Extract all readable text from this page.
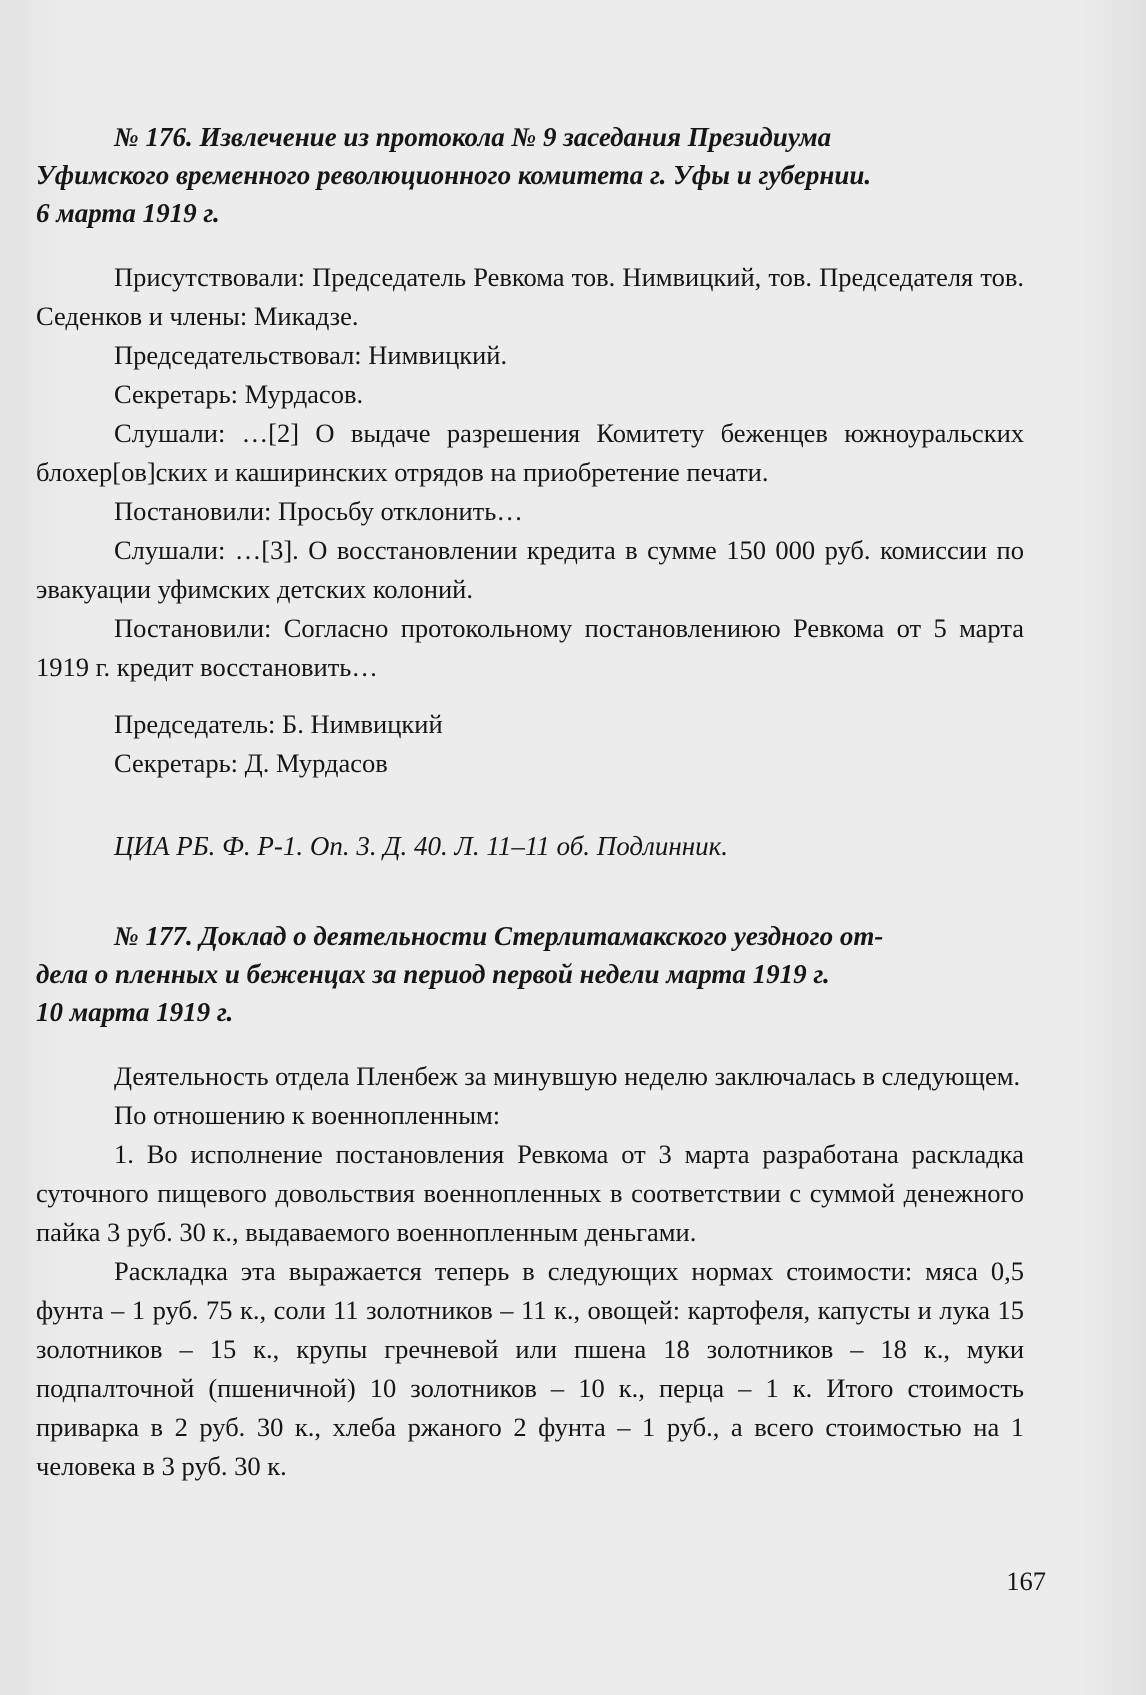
№ 176. Извлечение из протокола № 9 заседания Президиума
Уфимского временного революционного комитета г. Уфы и губернии.
6 марта 1919 г.

Присутствовали: Председатель Ревкома тов. Нимвицкий, тов. Председателя тов. Седенков и члены: Микадзе.

Председательствовал: Нимвицкий.

Секретарь: Мурдасов.

Слушали: …[2] О выдаче разрешения Комитету беженцев южноуральских блохер[ов]ских и каширинских отрядов на приобретение печати.

Постановили: Просьбу отклонить…

Слушали: …[3]. О восстановлении кредита в сумме 150 000 руб. комиссии по эвакуации уфимских детских колоний.

Постановили: Согласно протокольному постановлениюю Ревкома от 5 марта 1919 г. кредит восстановить…

Председатель: Б. Нимвицкий

Секретарь: Д. Мурдасов

ЦИА РБ. Ф. Р-1. Оп. 3. Д. 40. Л. 11–11 об. Подлинник.

№ 177. Доклад о деятельности Стерлитамакского уездного от-
дела о пленных и беженцах за период первой недели марта 1919 г.
10 марта 1919 г.

Деятельность отдела Пленбеж за минувшую неделю заключалась в следующем.

По отношению к военнопленным:

1. Во исполнение постановления Ревкома от 3 марта разработана раскладка суточного пищевого довольствия военнопленных в соответствии с суммой денежного пайка 3 руб. 30 к., выдаваемого военнопленным деньгами.

Раскладка эта выражается теперь в следующих нормах стоимости: мяса 0,5 фунта – 1 руб. 75 к., соли 11 золотников – 11 к., овощей: картофеля, капусты и лука 15 золотников – 15 к., крупы гречневой или пшена 18 золотников – 18 к., муки подпалточной (пшеничной) 10 золотников – 10 к., перца – 1 к. Итого стоимость приварка в 2 руб. 30 к., хлеба ржаного 2 фунта – 1 руб., а всего стоимостью на 1 человека в 3 руб. 30 к.

167
